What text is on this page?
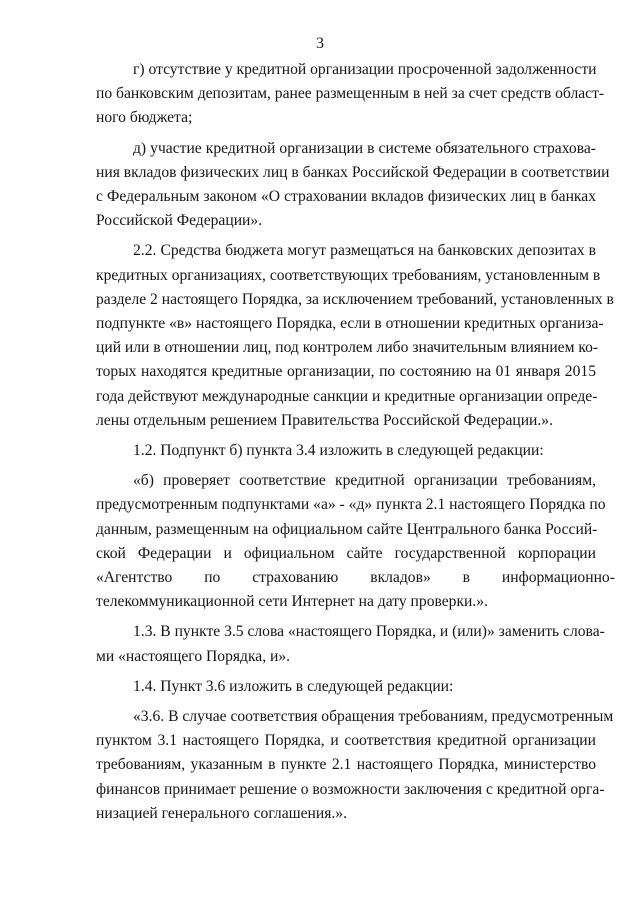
3
г) отсутствие у кредитной организации просроченной задолженности
по банковским депозитам, ранее размещенным в ней за счет средств област-
ного бюджета;
д) участие кредитной организации в системе обязательного страхова-
ния вкладов физических лиц в банках Российской Федерации в соответствии
с Федеральным законом «О страховании вкладов физических лиц в банках
Российской Федерации».
2.2. Средства бюджета могут размещаться на банковских депозитах в
кредитных организациях, соответствующих требованиям, установленным в
разделе 2 настоящего Порядка, за исключением требований, установленных в
подпункте «в» настоящего Порядка, если в отношении кредитных организа-
ций или в отношении лиц, под контролем либо значительным влиянием ко-
торых находятся кредитные организации, по состоянию на 01 января 2015
года действуют международные санкции и кредитные организации опреде-
лены отдельным решением Правительства Российской Федерации.».
1.2. Подпункт б) пункта 3.4 изложить в следующей редакции:
«б) проверяет соответствие кредитной организации требованиям,
предусмотренным подпунктами «а» - «д» пункта 2.1 настоящего Порядка по
данным, размещенным на официальном сайте Центрального банка Россий-
ской Федерации и официальном сайте государственной корпорации
«Агентство по страхованию вкладов» в информационно-
телекоммуникационной сети Интернет на дату проверки.».
1.3. В пункте 3.5 слова «настоящего Порядка, и (или)» заменить слова-
ми «настоящего Порядка, и».
1.4. Пункт 3.6 изложить в следующей редакции:
«3.6. В случае соответствия обращения требованиям, предусмотренным
пунктом 3.1 настоящего Порядка, и соответствия кредитной организации
требованиям, указанным в пункте 2.1 настоящего Порядка, министерство
финансов принимает решение о возможности заключения с кредитной орга-
низацией генерального соглашения.».
